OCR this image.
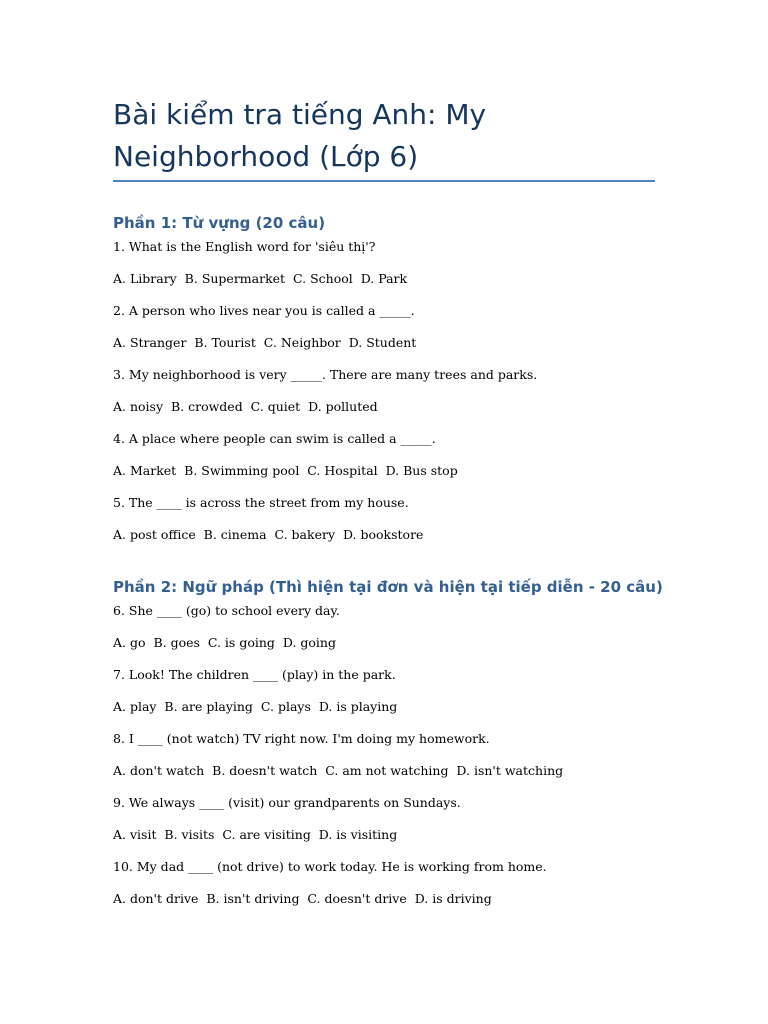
Bài kiểm tra tiếng Anh: My Neighborhood (Lớp 6)
Phần 1: Từ vựng (20 câu)

1. What is the English word for 'siêu thị'?

A. Library  B. Supermarket  C. School  D. Park

2. A person who lives near you is called a _____.

A. Stranger  B. Tourist  C. Neighbor  D. Student

3. My neighborhood is very _____. There are many trees and parks.

A. noisy  B. crowded  C. quiet  D. polluted

4. A place where people can swim is called a _____.

A. Market  B. Swimming pool  C. Hospital  D. Bus stop

5. The ____ is across the street from my house.

A. post office  B. cinema  C. bakery  D. bookstore

Phần 2: Ngữ pháp (Thì hiện tại đơn và hiện tại tiếp diễn - 20 câu)

6. She ____ (go) to school every day.

A. go  B. goes  C. is going  D. going

7. Look! The children ____ (play) in the park.

A. play  B. are playing  C. plays  D. is playing

8. I ____ (not watch) TV right now. I'm doing my homework.

A. don't watch  B. doesn't watch  C. am not watching  D. isn't watching

9. We always ____ (visit) our grandparents on Sundays.

A. visit  B. visits  C. are visiting  D. is visiting

10. My dad ____ (not drive) to work today. He is working from home.

A. don't drive  B. isn't driving  C. doesn't drive  D. is driving
